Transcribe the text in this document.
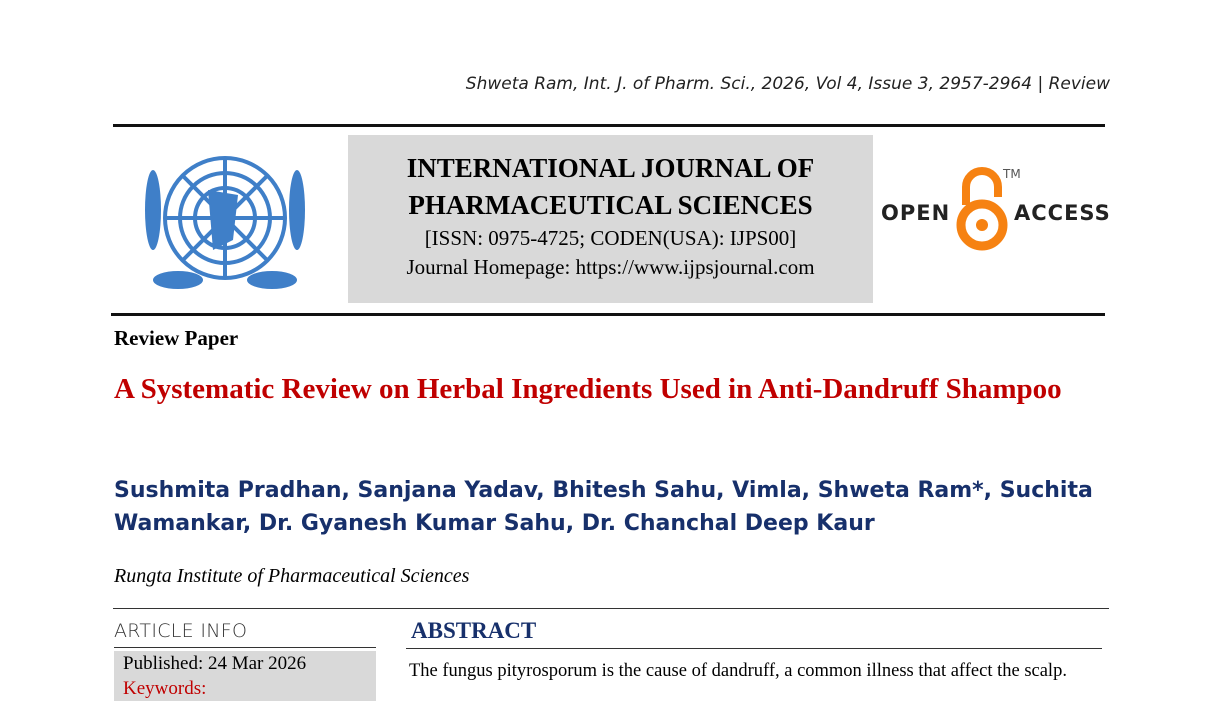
Shweta Ram, Int. J. of Pharm. Sci., 2026, Vol 4, Issue 3, 2957-2964 | Review
INTERNATIONAL JOURNAL OF
PHARMACEUTICAL SCIENCES
[ISSN: 0975-4725; CODEN(USA): IJPS00]
Journal Homepage: https://www.ijpsjournal.com
OPEN
TM
ACCESS
Review Paper
A Systematic Review on Herbal Ingredients Used in Anti-Dandruff Shampoo
Sushmita Pradhan, Sanjana Yadav, Bhitesh Sahu, Vimla, Shweta Ram*, Suchita Wamankar, Dr. Gyanesh Kumar Sahu, Dr. Chanchal Deep Kaur
Rungta Institute of Pharmaceutical Sciences
ARTICLE INFO	ABSTRACT
Published: 24 Mar 2026
Keywords:
The fungus pityrosporum is the cause of dandruff, a common illness that affect the scalp.
